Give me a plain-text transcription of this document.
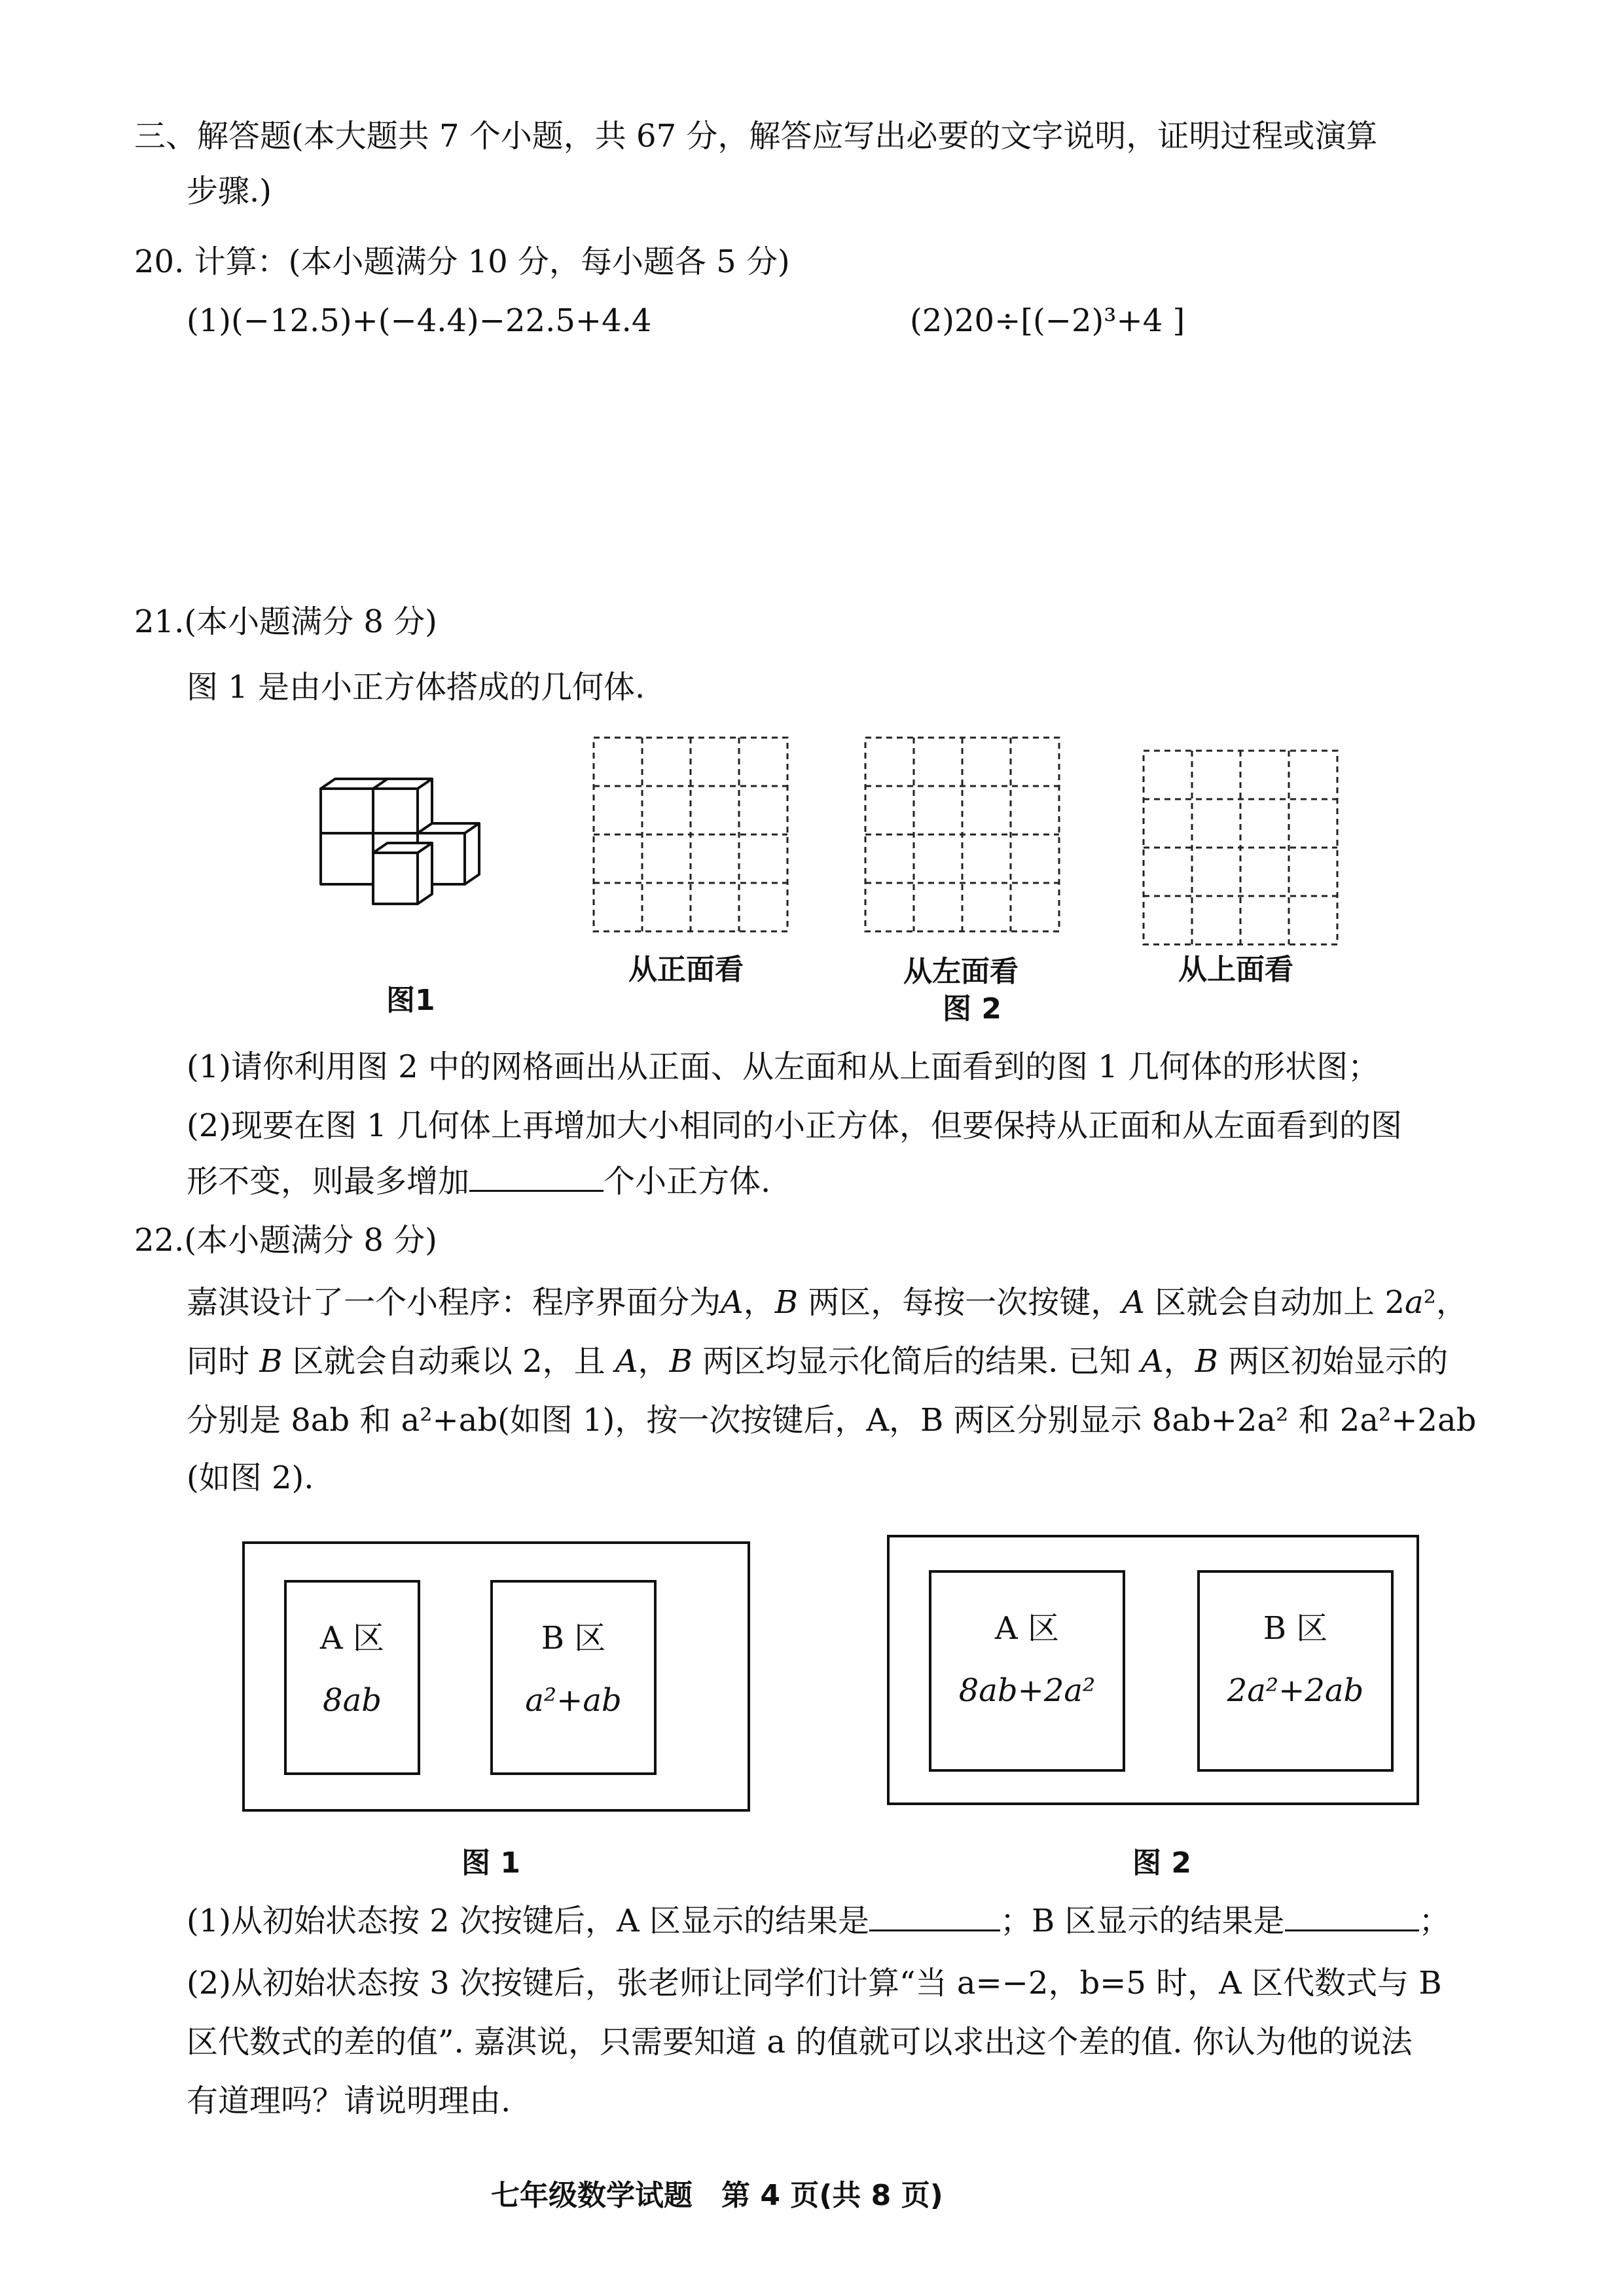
三、解答题(本大题共 7 个小题，共 67 分，解答应写出必要的文字说明，证明过程或演算
步骤.)
20. 计算：(本小题满分 10 分，每小题各 5 分)
(1)(−12.5)+(−4.4)−22.5+4.4	(2)20÷[(−2)³+4 ]
21.(本小题满分 8 分)
图 1 是由小正方体搭成的几何体.
图1
从正面看	从左面看	从上面看
图 2
(1)请你利用图 2 中的网格画出从正面、从左面和从上面看到的图 1 几何体的形状图；
(2)现要在图 1 几何体上再增加大小相同的小正方体，但要保持从正面和从左面看到的图
形不变，则最多增加	个小正方体.
22.(本小题满分 8 分)
嘉淇设计了一个小程序：程序界面分为A，B 两区，每按一次按键，A 区就会自动加上 2a²，
同时 B 区就会自动乘以 2，且 A，B 两区均显示化简后的结果. 已知 A，B 两区初始显示的
分别是 8ab 和 a²+ab(如图 1)，按一次按键后，A，B 两区分别显示 8ab+2a² 和 2a²+2ab
(如图 2).
A 区
8ab
B 区
a²+ab
图 1
A 区
8ab+2a²
B 区
2a²+2ab
图 2
(1)从初始状态按 2 次按键后，A 区显示的结果是	；B 区显示的结果是	；
(2)从初始状态按 3 次按键后，张老师让同学们计算“当 a=−2，b=5 时，A 区代数式与 B
区代数式的差的值”. 嘉淇说，只需要知道 a 的值就可以求出这个差的值. 你认为他的说法
有道理吗？请说明理由.
七年级数学试题　第 4 页(共 8 页)
